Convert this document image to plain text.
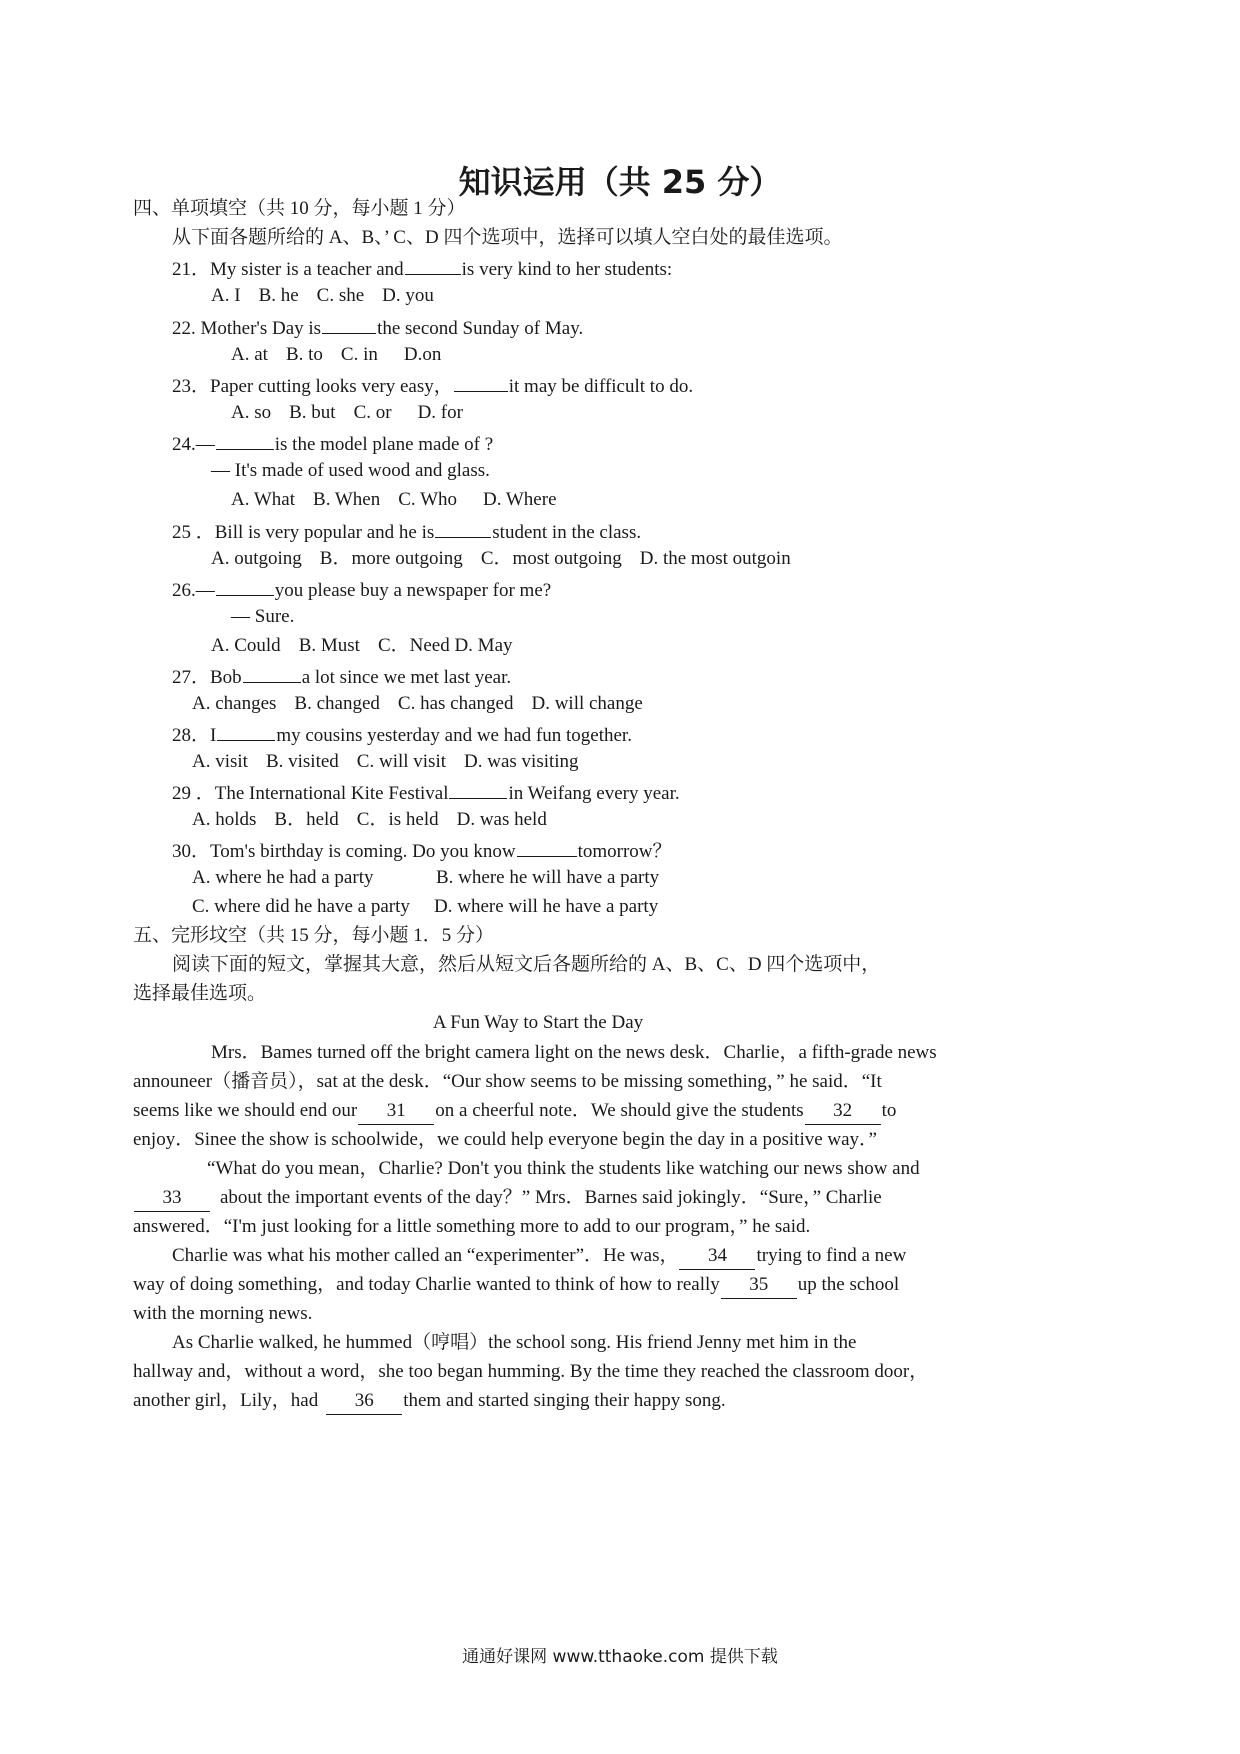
知识运用（共 25 分）
四、单项填空（共 10 分，每小题 1 分）
从下面各题所给的 A、B、’ C、D 四个选项中，选择可以填人空白处的最佳选项。
21．My sister is a teacher and	is very kind to her students:
A. I B. he C. she D. you
22. Mother's Day is	the second Sunday of May.
A. at B. to C. in D.on
23．Paper cutting looks very easy，	it may be difficult to do.
A. so B. but C. or D. for
24.—	is the model plane made of ?
— It's made of used wood and glass.
A. What B. When C. Who D. Where
25 ．Bill is very popular and he is	student in the class.
A. outgoing B．more outgoing C．most outgoing D. the most outgoin
26.—	you please buy a newspaper for me?
— Sure.
A. Could B. Must C．Need D. May
27．Bob	a lot since we met last year.
A. changes B. changed C. has changed D. will change
28．I	my cousins yesterday and we had fun together.
A. visit B. visited C. will visit D. was visiting
29 ．The International Kite Festival	in Weifang every year.
A. holds B．held C．is held D. was held
30．Tom's birthday is coming. Do you know	tomorrow？
A. where he had a party	B. where he will have a party
C. where did he have a party D. where will he have a party
五、完形坟空（共 15 分，每小题 1．5 分）
阅读下面的短文，掌握其大意，然后从短文后各题所给的 A、B、C、D 四个选项中，
选择最佳选项。
A Fun Way to Start the Day
Mrs．Bames turned off the bright camera light on the news desk．Charlie，a fifth-grade news
announeer（播音员），sat at the desk．“Our show seems to be missing something，” he said．“It
seems like we should end our 31 on a cheerful note．We should give the students 32 to
enjoy．Sinee the show is schoolwide，we could help everyone begin the day in a positive way．”
“What do you mean，Charlie? Don't you think the students like watching our news show and
33 about the important events of the day？” Mrs．Barnes said jokingly．“Sure，” Charlie
answered．“I'm just looking for a little something more to add to our program，” he said.
Charlie was what his mother called an “experimenter”．He was， 34 trying to find a new
way of doing something，and today Charlie wanted to think of how to really 35 up the school
with the morning news.
As Charlie walked, he hummed（哼唱）the school song. His friend Jenny met him in the
hallway and，without a word，she too began humming. By the time they reached the classroom door，
another girl，Lily，had 36 them and started singing their happy song.
通通好课网 www.tthaoke.com 提供下载
